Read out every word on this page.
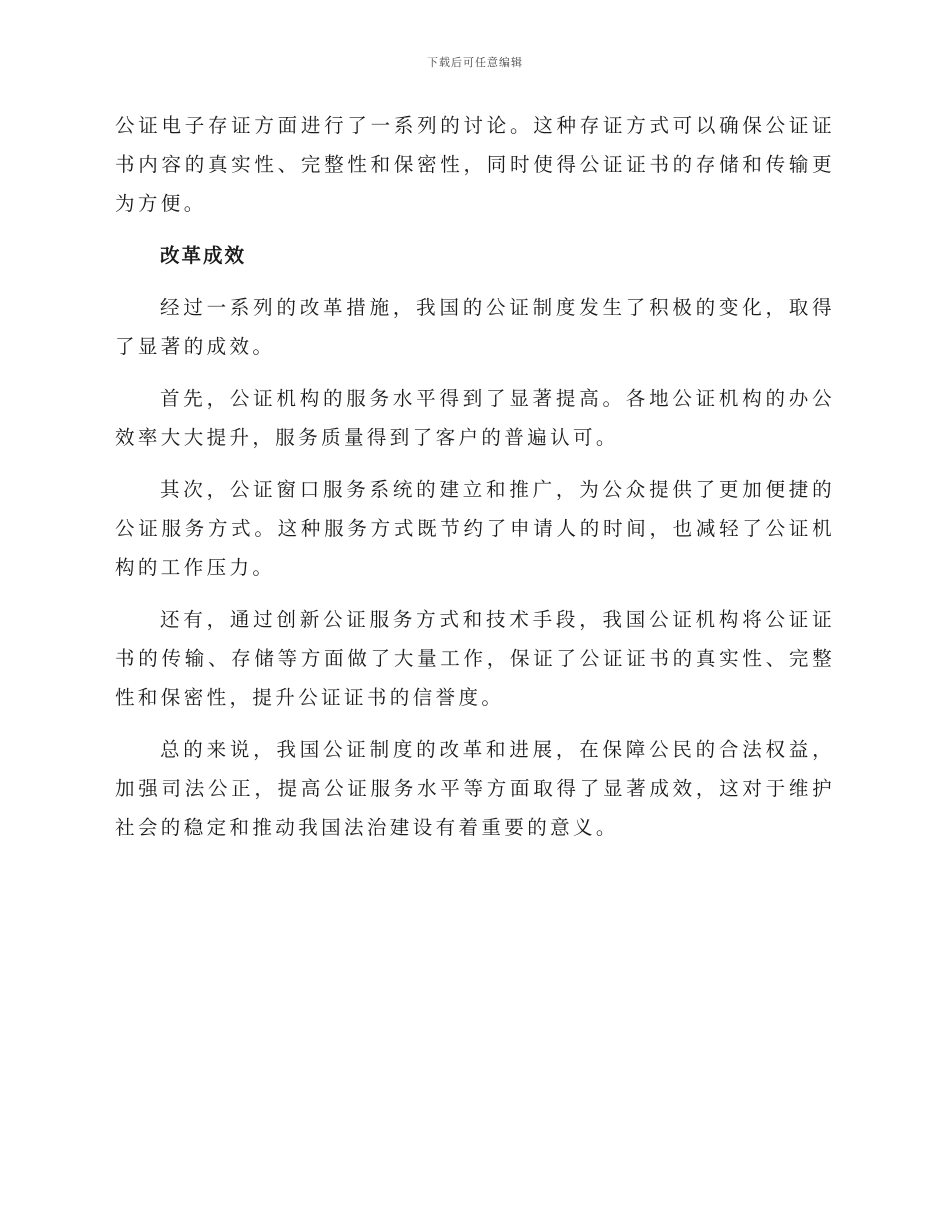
下载后可任意编辑

公证电子存证方面进行了一系列的讨论。这种存证方式可以确保公证证书内容的真实性、完整性和保密性，同时使得公证证书的存储和传输更为方便。

改革成效

经过一系列的改革措施，我国的公证制度发生了积极的变化，取得了显著的成效。

首先，公证机构的服务水平得到了显著提高。各地公证机构的办公效率大大提升，服务质量得到了客户的普遍认可。

其次，公证窗口服务系统的建立和推广，为公众提供了更加便捷的公证服务方式。这种服务方式既节约了申请人的时间，也减轻了公证机构的工作压力。

还有，通过创新公证服务方式和技术手段，我国公证机构将公证证书的传输、存储等方面做了大量工作，保证了公证证书的真实性、完整性和保密性，提升公证证书的信誉度。

总的来说，我国公证制度的改革和进展，在保障公民的合法权益，加强司法公正，提高公证服务水平等方面取得了显著成效，这对于维护社会的稳定和推动我国法治建设有着重要的意义。
